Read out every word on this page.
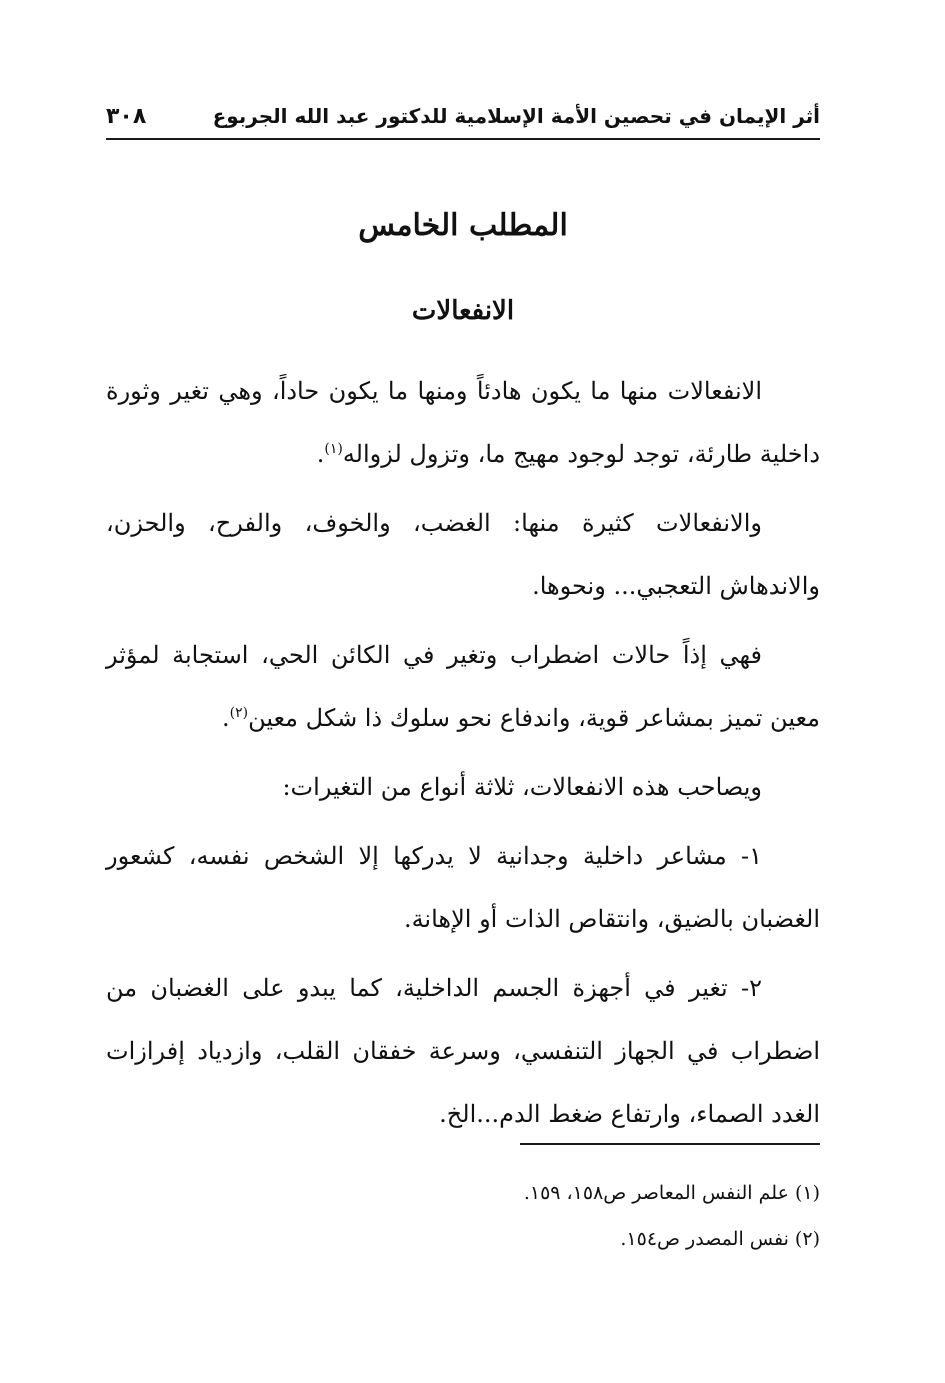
أثر الإيمان في تحصين الأمة الإسلامية للدكتور عبد الله الجربوع
٣٠٨
المطلب الخامس
الانفعالات

الانفعالات منها ما يكون هادئاً ومنها ما يكون حاداً، وهي تغير وثورة داخلية طارئة، توجد لوجود مهيج ما، وتزول لزواله$^{(١)}$.

والانفعالات كثيرة منها: الغضب، والخوف، والفرح، والحزن، والاندهاش التعجبي... ونحوها.

فهي إذاً حالات اضطراب وتغير في الكائن الحي، استجابة لمؤثر معين تميز بمشاعر قوية، واندفاع نحو سلوك ذا شكل معين$^{(٢)}$.

ويصاحب هذه الانفعالات، ثلاثة أنواع من التغيرات:

١- مشاعر داخلية وجدانية لا يدركها إلا الشخص نفسه، كشعور الغضبان بالضيق، وانتقاص الذات أو الإهانة.

٢- تغير في أجهزة الجسم الداخلية، كما يبدو على الغضبان من اضطراب في الجهاز التنفسي، وسرعة خفقان القلب، وازدياد إفرازات الغدد الصماء، وارتفاع ضغط الدم...الخ.

(١) علم النفس المعاصر ص١٥٨، ١٥٩.

(٢) نفس المصدر ص١٥٤.
